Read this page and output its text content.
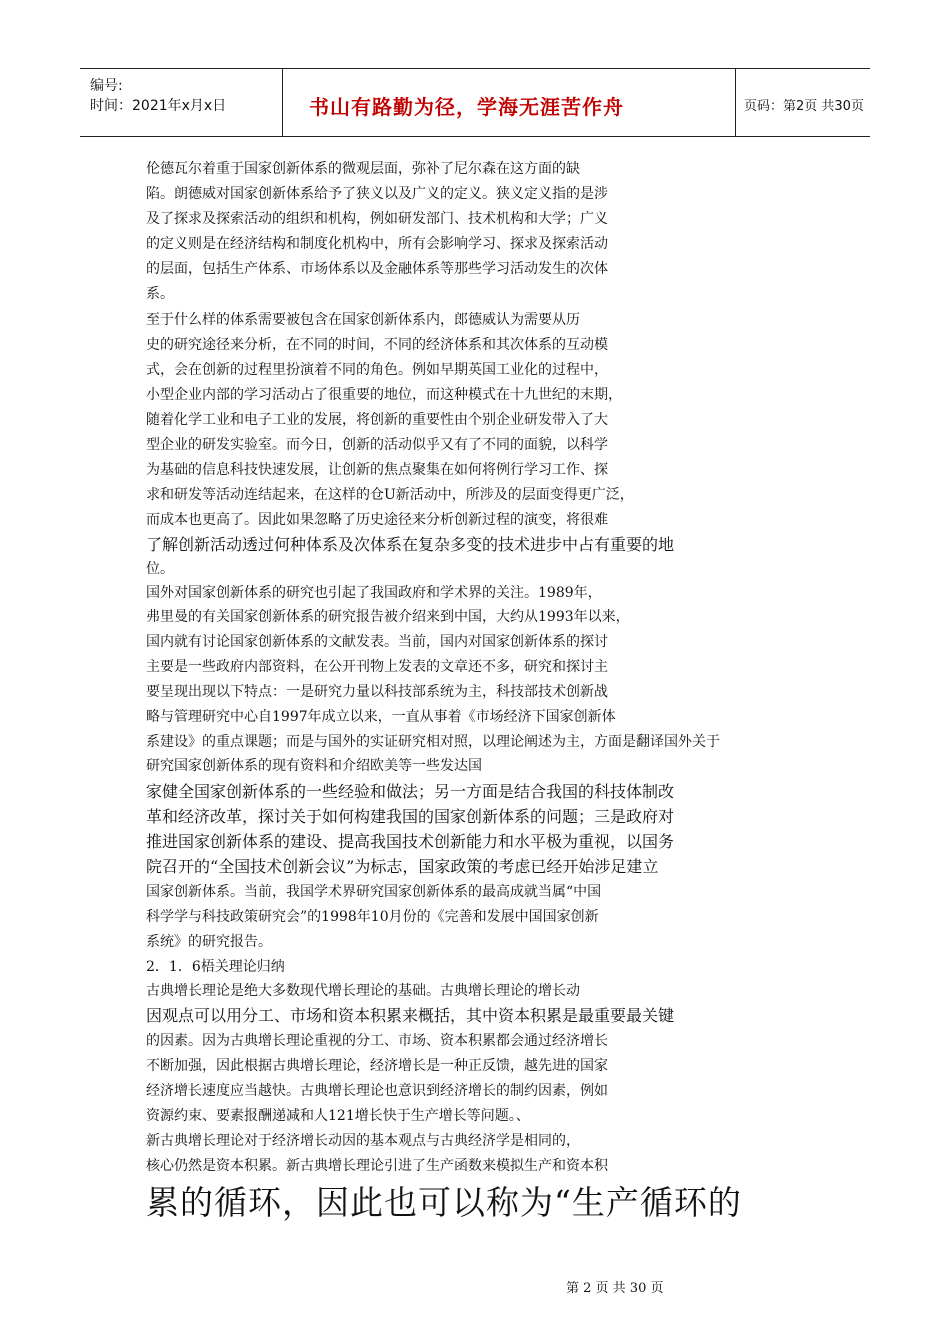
编号:
时间：2021年x月x日	书山有路勤为径，学海无涯苦作舟	页码：第2页 共30页
伦德瓦尔着重于国家创新体系的微观层面，弥补了尼尔森在这方面的缺
陷。朗德威对国家创新体系给予了狭义以及广义的定义。狭义定义指的是涉
及了探求及探索活动的组织和机构，例如研发部门、技术机构和大学；广义
的定义则是在经济结构和制度化机构中，所有会影响学习、探求及探索活动
的层面，包括生产体系、市场体系以及金融体系等那些学习活动发生的次体
系。
至于什么样的体系需要被包含在国家创新体系内，郎德威认为需要从历
史的研究途径来分析，在不同的时间，不同的经济体系和其次体系的互动模
式，会在创新的过程里扮演着不同的角色。例如早期英国工业化的过程中，
小型企业内部的学习活动占了很重要的地位，而这种模式在十九世纪的末期，
随着化学工业和电子工业的发展，将创新的重要性由个别企业研发带入了大
型企业的研发实验室。而今日，创新的活动似乎又有了不同的面貌，以科学
为基础的信息科技快速发展，让创新的焦点聚集在如何将例行学习工作、探
求和研发等活动连结起来，在这样的仓U新活动中，所涉及的层面变得更广泛，
而成本也更高了。因此如果忽略了历史途径来分析创新过程的演变，将很难
了解创新活动透过何种体系及次体系在复杂多变的技术进步中占有重要的地
位。
国外对国家创新体系的研究也引起了我国政府和学术界的关注。1989年，
弗里曼的有关国家创新体系的研究报告被介绍来到中国，大约从1993年以来，
国内就有讨论国家创新体系的文献发表。当前，国内对国家创新体系的探讨
主要是一些政府内部资料，在公开刊物上发表的文章还不多，研究和探讨主
要呈现出现以下特点：一是研究力量以科技部系统为主，科技部技术创新战
略与管理研究中心自1997年成立以来，一直从事着《市场经济下国家创新体
系建设》的重点课题；而是与国外的实证研究相对照，以理论阐述为主，方面是翻译国外关于
研究国家创新体系的现有资料和介绍欧美等一些发达国
家健全国家创新体系的一些经验和做法；另一方面是结合我国的科技体制改
革和经济改革，探讨关于如何构建我国的国家创新体系的问题；三是政府对
推进国家创新体系的建设、提高我国技术创新能力和水平极为重视，以国务
院召开的“全国技术创新会议”为标志，国家政策的考虑已经开始涉足建立
国家创新体系。当前，我国学术界研究国家创新体系的最高成就当属“中国
科学学与科技政策研究会”的1998年10月份的《完善和发展中国国家创新
系统》的研究报告。
2．1．6梧关理论归纳
古典增长理论是绝大多数现代增长理论的基础。古典增长理论的增长动
因观点可以用分工、市场和资本积累来概括，其中资本积累是最重要最关键
的因素。因为古典增长理论重视的分工、市场、资本积累都会通过经济增长
不断加强，因此根据古典增长理论，经济增长是一种正反馈，越先进的国家
经济增长速度应当越快。古典增长理论也意识到经济增长的制约因素，例如
资源约束、要素报酬递减和人121增长快于生产增长等问题。、
新古典增长理论对于经济增长动因的基本观点与古典经济学是相同的，
核心仍然是资本积累。新古典增长理论引进了生产函数来模拟生产和资本积
累的循环，因此也可以称为“生产循环的
第 2 页 共 30 页
